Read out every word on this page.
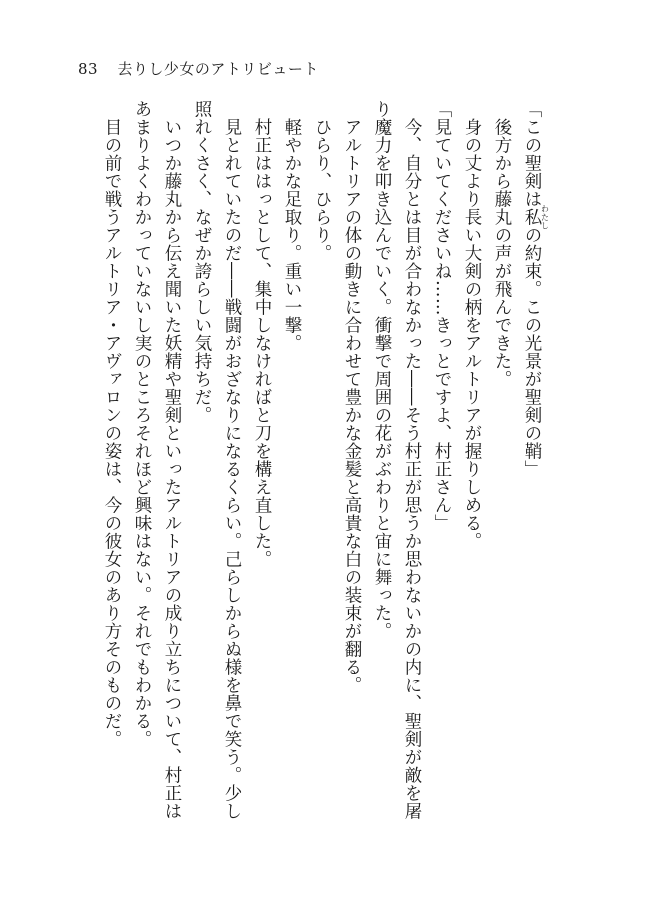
83 去りし少女のアトリビュート
「この聖剣は私わたしの約束。この光景が聖剣の鞘」
後方から藤丸の声が飛んできた。
身の丈より長い大剣の柄をアルトリアが握りしめる。
「見ていてくださいね……きっとですよ、村正さん」
今、自分とは目が合わなかった――そう村正が思うか思わないかの内に、聖剣が敵を屠
り魔力を叩き込んでいく。衝撃で周囲の花がぶわりと宙に舞った。
アルトリアの体の動きに合わせて豊かな金髪と高貴な白の装束が翻る。
ひらり、ひらり。
軽やかな足取り。重い一撃。
村正ははっとして、集中しなければと刀を構え直した。
見とれていたのだ――戦闘がおざなりになるくらい。己らしからぬ様を鼻で笑う。少し
照れくさく、なぜか誇らしい気持ちだ。
いつか藤丸から伝え聞いた妖精や聖剣といったアルトリアの成り立ちについて、村正は
あまりよくわかっていないし実のところそれほど興味はない。それでもわかる。
目の前で戦うアルトリア・アヴァロンの姿は、今の彼女のあり方そのものだ。
